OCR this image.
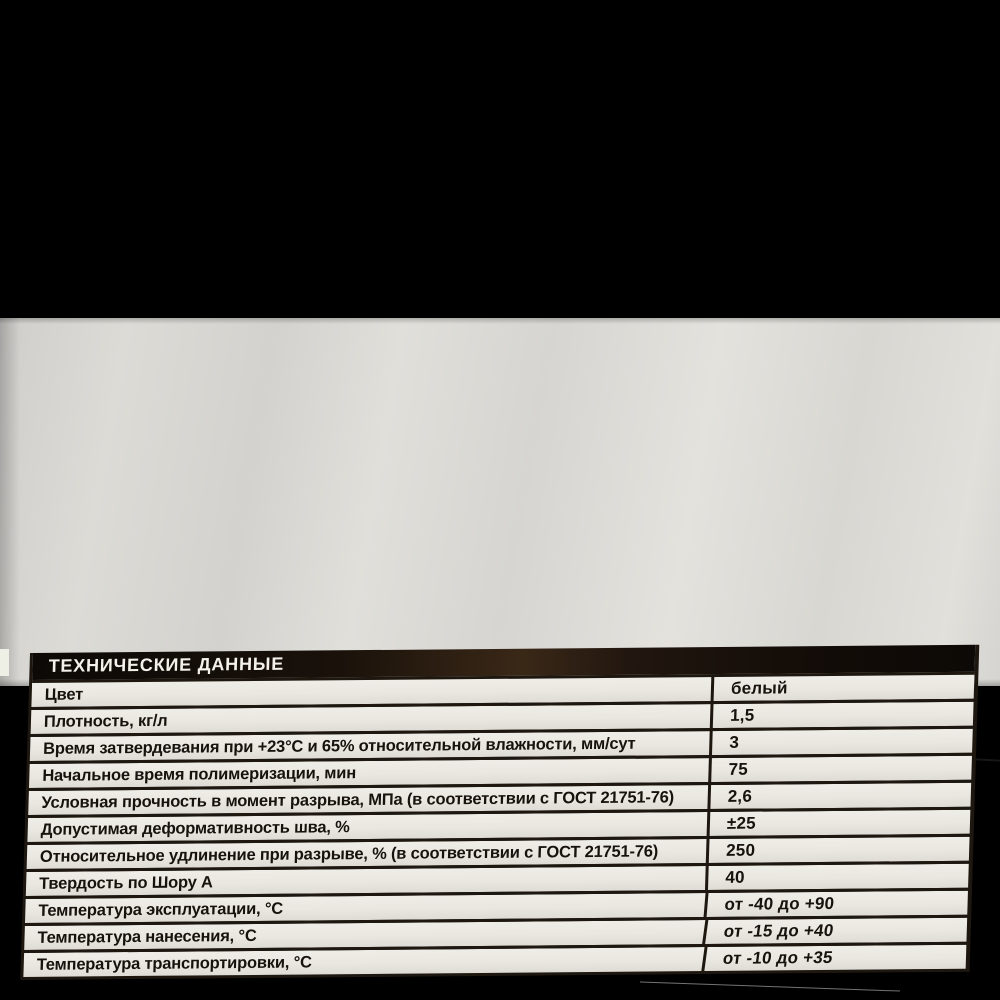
ТЕХНИЧЕСКИЕ ДАННЫЕ
Цвет	белый
Плотность, кг/л	1,5
Время затвердевания при +23°С и 65% относительной влажности, мм/сут	3
Начальное время полимеризации, мин	75
Условная прочность в момент разрыва, МПа (в соответствии с ГОСТ 21751-76)	2,6
Допустимая деформативность шва, %	±25
Относительное удлинение при разрыве, % (в соответствии с ГОСТ 21751-76)	250
Твердость по Шору А	40
Температура эксплуатации, °С	от -40 до +90
Температура нанесения, °С	от -15 до +40
Температура транспортировки, °С	от -10 до +35
